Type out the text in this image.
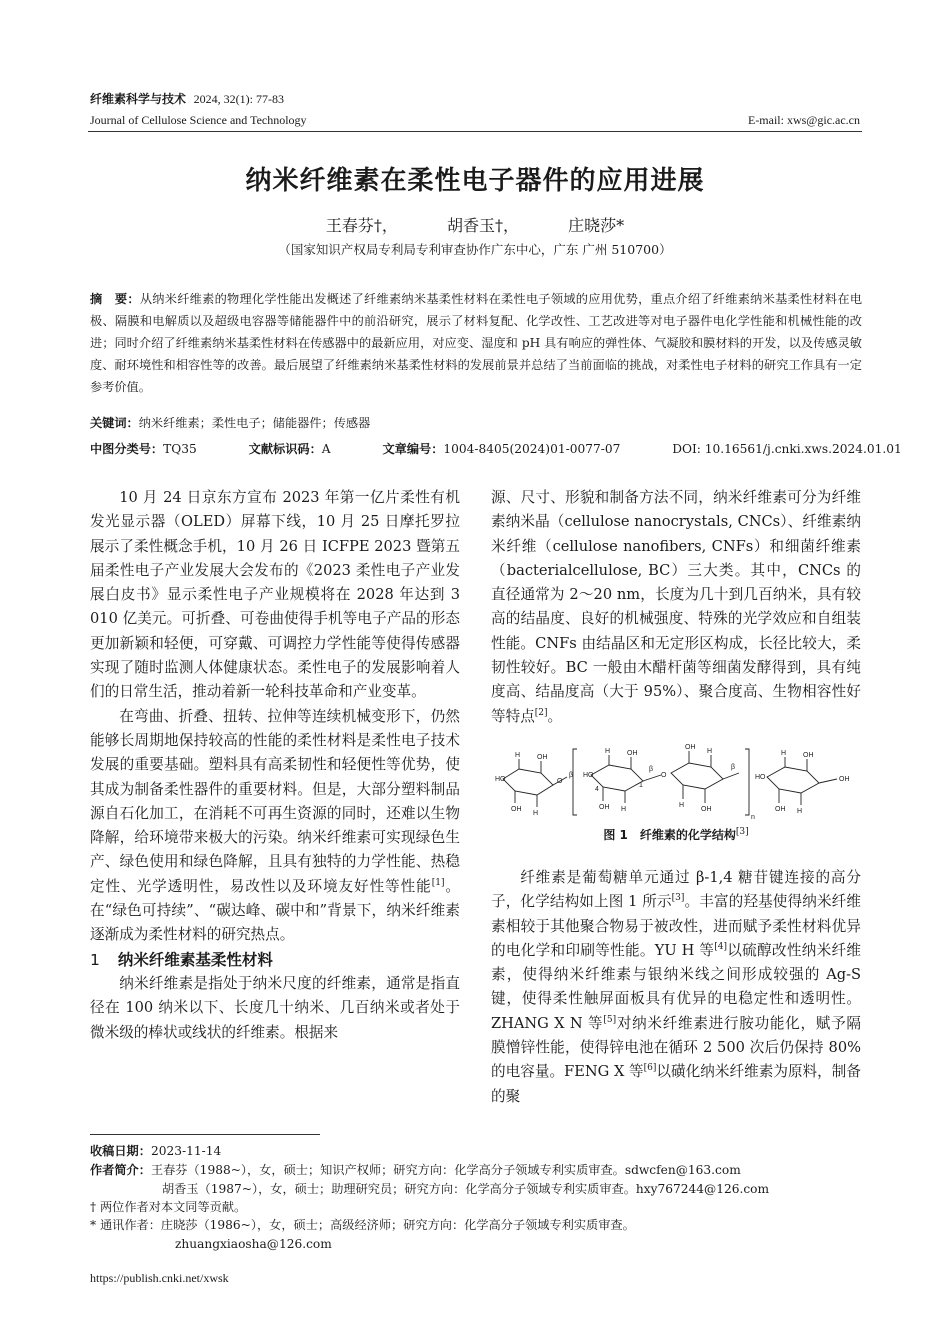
纤维素科学与技术 2024, 32(1): 77-83
Journal of Cellulose Science and Technology	E-mail: xws@gic.ac.cn
纳米纤维素在柔性电子器件的应用进展
王春芬†，	胡香玉†，	庄晓莎*
（国家知识产权局专利局专利审查协作广东中心，广东 广州 510700）
摘　要：从纳米纤维素的物理化学性能出发概述了纤维素纳米基柔性材料在柔性电子领域的应用优势，重点介绍了纤维素纳米基柔性材料在电极、隔膜和电解质以及超级电容器等储能器件中的前沿研究，展示了材料复配、化学改性、工艺改进等对电子器件电化学性能和机械性能的改进；同时介绍了纤维素纳米基柔性材料在传感器中的最新应用，对应变、湿度和 pH 具有响应的弹性体、气凝胶和膜材料的开发，以及传感灵敏度、耐环境性和相容性等的改善。最后展望了纤维素纳米基柔性材料的发展前景并总结了当前面临的挑战，对柔性电子材料的研究工作具有一定参考价值。
关键词：纳米纤维素；柔性电子；储能器件；传感器
中图分类号：TQ35	文献标识码：A	文章编号：1004-8405(2024)01-0077-07	DOI: 10.16561/j.cnki.xws.2024.01.01

10 月 24 日京东方宣布 2023 年第一亿片柔性有机发光显示器（OLED）屏幕下线，10 月 25 日摩托罗拉展示了柔性概念手机，10 月 26 日 ICFPE 2023 暨第五届柔性电子产业发展大会发布的《2023 柔性电子产业发展白皮书》显示柔性电子产业规模将在 2028 年达到 3 010 亿美元。可折叠、可卷曲使得手机等电子产品的形态更加新颖和轻便，可穿戴、可调控力学性能等使得传感器实现了随时监测人体健康状态。柔性电子的发展影响着人们的日常生活，推动着新一轮科技革命和产业变革。

在弯曲、折叠、扭转、拉伸等连续机械变形下，仍然能够长周期地保持较高的性能的柔性材料是柔性电子技术发展的重要基础。塑料具有高柔韧性和轻便性等优势，使其成为制备柔性器件的重要材料。但是，大部分塑料制品源自石化加工，在消耗不可再生资源的同时，还难以生物降解，给环境带来极大的污染。纳米纤维素可实现绿色生产、绿色使用和绿色降解，且具有独特的力学性能、热稳定性、光学透明性，易改性以及环境友好性等性能[1]。在“绿色可持续”、“碳达峰、碳中和”背景下，纳米纤维素逐渐成为柔性材料的研究热点。

1 纳米纤维素基柔性材料

纳米纤维素是指处于纳米尺度的纤维素，通常是指直径在 100 纳米以下、长度几十纳米、几百纳米或者处于微米级的棒状或线状的纤维素。根据来

源、尺寸、形貌和制备方法不同，纳米纤维素可分为纤维素纳米晶（cellulose nanocrystals, CNCs）、纤维素纳米纤维（cellulose nanofibers, CNFs）和细菌纤维素（bacterialcellulose, BC）三大类。其中，CNCs 的直径通常为 2～20 nm，长度为几十到几百纳米，具有较高的结晶度、良好的机械强度、特殊的光学效应和自组装性能。CNFs 由结晶区和无定形区构成，长径比较大，柔韧性较好。BC 一般由木醋杆菌等细菌发酵得到，具有纯度高、结晶度高（大于 95%）、聚合度高、生物相容性好等特点[2]。

HO
H OH
OH
H
O
β HO
H OH
OH H
4
1
β
O
OH
H
H
OH
β
n
HO
H OH
OH H
OH
图 1　纤维素的化学结构[3]

纤维素是葡萄糖单元通过 β-1,4 糖苷键连接的高分子，化学结构如上图 1 所示[3]。丰富的羟基使得纳米纤维素相较于其他聚合物易于被改性，进而赋予柔性材料优异的电化学和印刷等性能。YU H 等[4]以硫醇改性纳米纤维素，使得纳米纤维素与银纳米线之间形成较强的 Ag-S 键，使得柔性触屏面板具有优异的电稳定性和透明性。ZHANG X N 等[5]对纳米纤维素进行胺功能化，赋予隔膜憎锌性能，使得锌电池在循环 2 500 次后仍保持 80%的电容量。FENG X 等[6]以磺化纳米纤维素为原料，制备的聚

收稿日期：2023-11-14
作者简介：王春芬（1988~），女，硕士；知识产权师；研究方向：化学高分子领域专利实质审查。sdwcfen@163.com
胡香玉（1987~），女，硕士；助理研究员；研究方向：化学高分子领域专利实质审查。hxy767244@126.com
† 两位作者对本文同等贡献。
* 通讯作者：庄晓莎（1986~），女，硕士；高级经济师；研究方向：化学高分子领域专利实质审查。
zhuangxiaosha@126.com
https://publish.cnki.net/xwsk
